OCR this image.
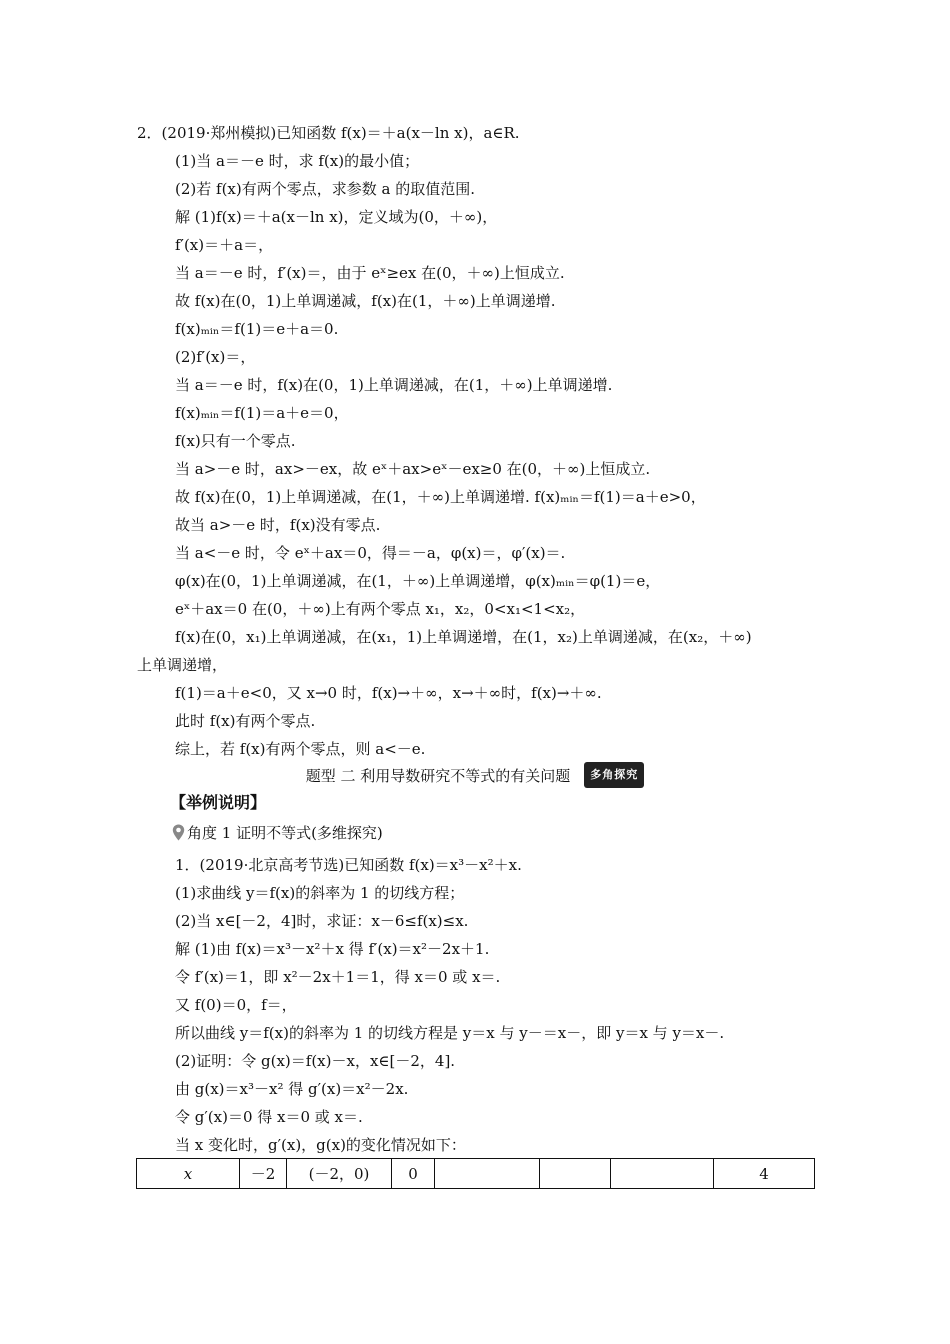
2．(2019·郑州模拟)已知函数 f(x)＝＋a(x－ln x)，a∈R.
(1)当 a＝－e 时，求 f(x)的最小值；
(2)若 f(x)有两个零点，求参数 a 的取值范围.
解 (1)f(x)＝＋a(x－ln x)，定义域为(0，＋∞)，
f′(x)＝＋a＝，
当 a＝－e 时，f′(x)＝，由于 eˣ≥ex 在(0，＋∞)上恒成立.
故 f(x)在(0，1)上单调递减，f(x)在(1，＋∞)上单调递增.
f(x)ₘᵢₙ＝f(1)＝e＋a＝0.
(2)f′(x)＝，
当 a＝－e 时，f(x)在(0，1)上单调递减，在(1，＋∞)上单调递增.
f(x)ₘᵢₙ＝f(1)＝a＋e＝0，
f(x)只有一个零点.
当 a>－e 时，ax>－ex，故 eˣ＋ax>eˣ－ex≥0 在(0，＋∞)上恒成立.
故 f(x)在(0，1)上单调递减，在(1，＋∞)上单调递增. f(x)ₘᵢₙ＝f(1)＝a＋e>0，
故当 a>－e 时，f(x)没有零点.
当 a<－e 时，令 eˣ＋ax＝0，得＝－a，φ(x)＝，φ′(x)＝.
φ(x)在(0，1)上单调递减，在(1，＋∞)上单调递增，φ(x)ₘᵢₙ＝φ(1)＝e，
eˣ＋ax＝0 在(0，＋∞)上有两个零点 x₁，x₂，0<x₁<1<x₂，
f(x)在(0，x₁)上单调递减，在(x₁，1)上单调递增，在(1，x₂)上单调递减，在(x₂，＋∞)
上单调递增，
f(1)＝a＋e<0，又 x→0 时，f(x)→＋∞，x→＋∞时，f(x)→＋∞.
此时 f(x)有两个零点.
综上，若 f(x)有两个零点，则 a<－e.
1．(2019·北京高考节选)已知函数 f(x)＝x³－x²＋x.
(1)求曲线 y＝f(x)的斜率为 1 的切线方程；
(2)当 x∈[－2，4]时，求证：x－6≤f(x)≤x.
解 (1)由 f(x)＝x³－x²＋x 得 f′(x)＝x²－2x＋1.
令 f′(x)＝1，即 x²－2x＋1＝1，得 x＝0 或 x＝.
又 f(0)＝0，f＝，
所以曲线 y＝f(x)的斜率为 1 的切线方程是 y＝x 与 y－＝x－，即 y＝x 与 y＝x－.
(2)证明：令 g(x)＝f(x)－x，x∈[－2，4].
由 g(x)＝x³－x² 得 g′(x)＝x²－2x.
令 g′(x)＝0 得 x＝0 或 x＝.
当 x 变化时，g′(x)，g(x)的变化情况如下：
题型 二 利用导数研究不等式的有关问题 多角探究
【举例说明】
角度 1 证明不等式(多维探究)
x	－2	(－2，0)	0				4
